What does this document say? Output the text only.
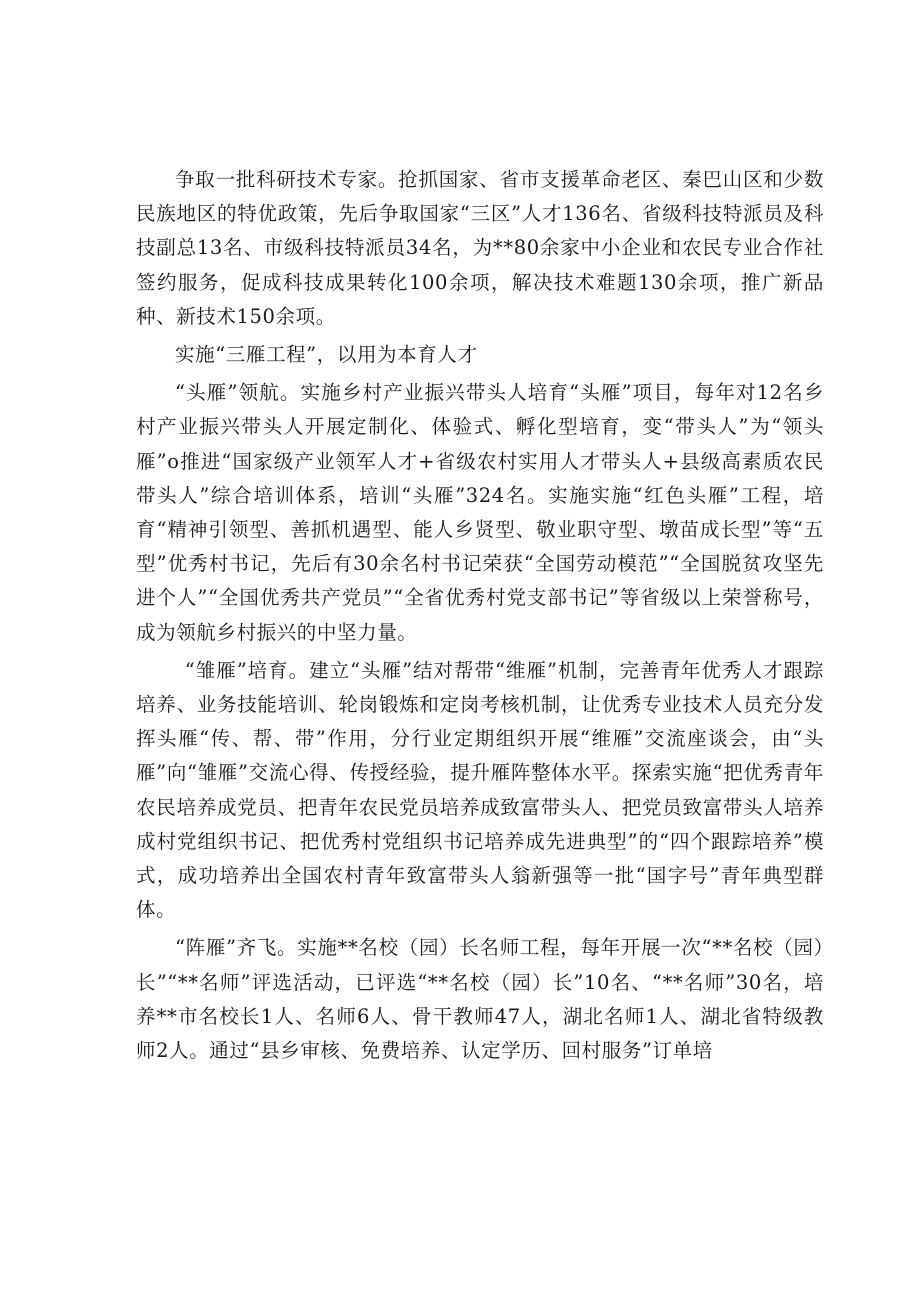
争取一批科研技术专家。抢抓国家、省市支援革命老区、秦巴山区和少数民族地区的特优政策，先后争取国家“三区”人才136名、省级科技特派员及科技副总13名、市级科技特派员34名，为**80余家中小企业和农民专业合作社签约服务，促成科技成果转化100余项，解决技术难题130余项，推广新品种、新技术150余项。

实施“三雁工程”，以用为本育人才

“头雁”领航。实施乡村产业振兴带头人培育“头雁”项目，每年对12名乡村产业振兴带头人开展定制化、体验式、孵化型培育，变“带头人”为“领头雁”o推进“国家级产业领军人才+省级农村实用人才带头人+县级高素质农民带头人”综合培训体系，培训“头雁”324名。实施实施“红色头雁”工程，培育“精神引领型、善抓机遇型、能人乡贤型、敬业职守型、墩苗成长型”等“五型”优秀村书记，先后有30余名村书记荣获“全国劳动模范”“全国脱贫攻坚先进个人”“全国优秀共产党员”“全省优秀村党支部书记”等省级以上荣誉称号，成为领航乡村振兴的中坚力量。

“雏雁”培育。建立“头雁”结对帮带“维雁”机制，完善青年优秀人才跟踪培养、业务技能培训、轮岗锻炼和定岗考核机制，让优秀专业技术人员充分发挥头雁“传、帮、带”作用，分行业定期组织开展“维雁”交流座谈会，由“头雁”向“雏雁”交流心得、传授经验，提升雁阵整体水平。探索实施“把优秀青年农民培养成党员、把青年农民党员培养成致富带头人、把党员致富带头人培养成村党组织书记、把优秀村党组织书记培养成先进典型”的“四个跟踪培养”模式，成功培养出全国农村青年致富带头人翁新强等一批“国字号”青年典型群体。

“阵雁”齐飞。实施**名校（园）长名师工程，每年开展一次“**名校（园）长”“**名师”评选活动，已评选“**名校（园）长”10名、“**名师”30名，培养**市名校长1人、名师6人、骨干教师47人，湖北名师1人、湖北省特级教师2人。通过“县乡审核、免费培养、认定学历、回村服务”订单培
